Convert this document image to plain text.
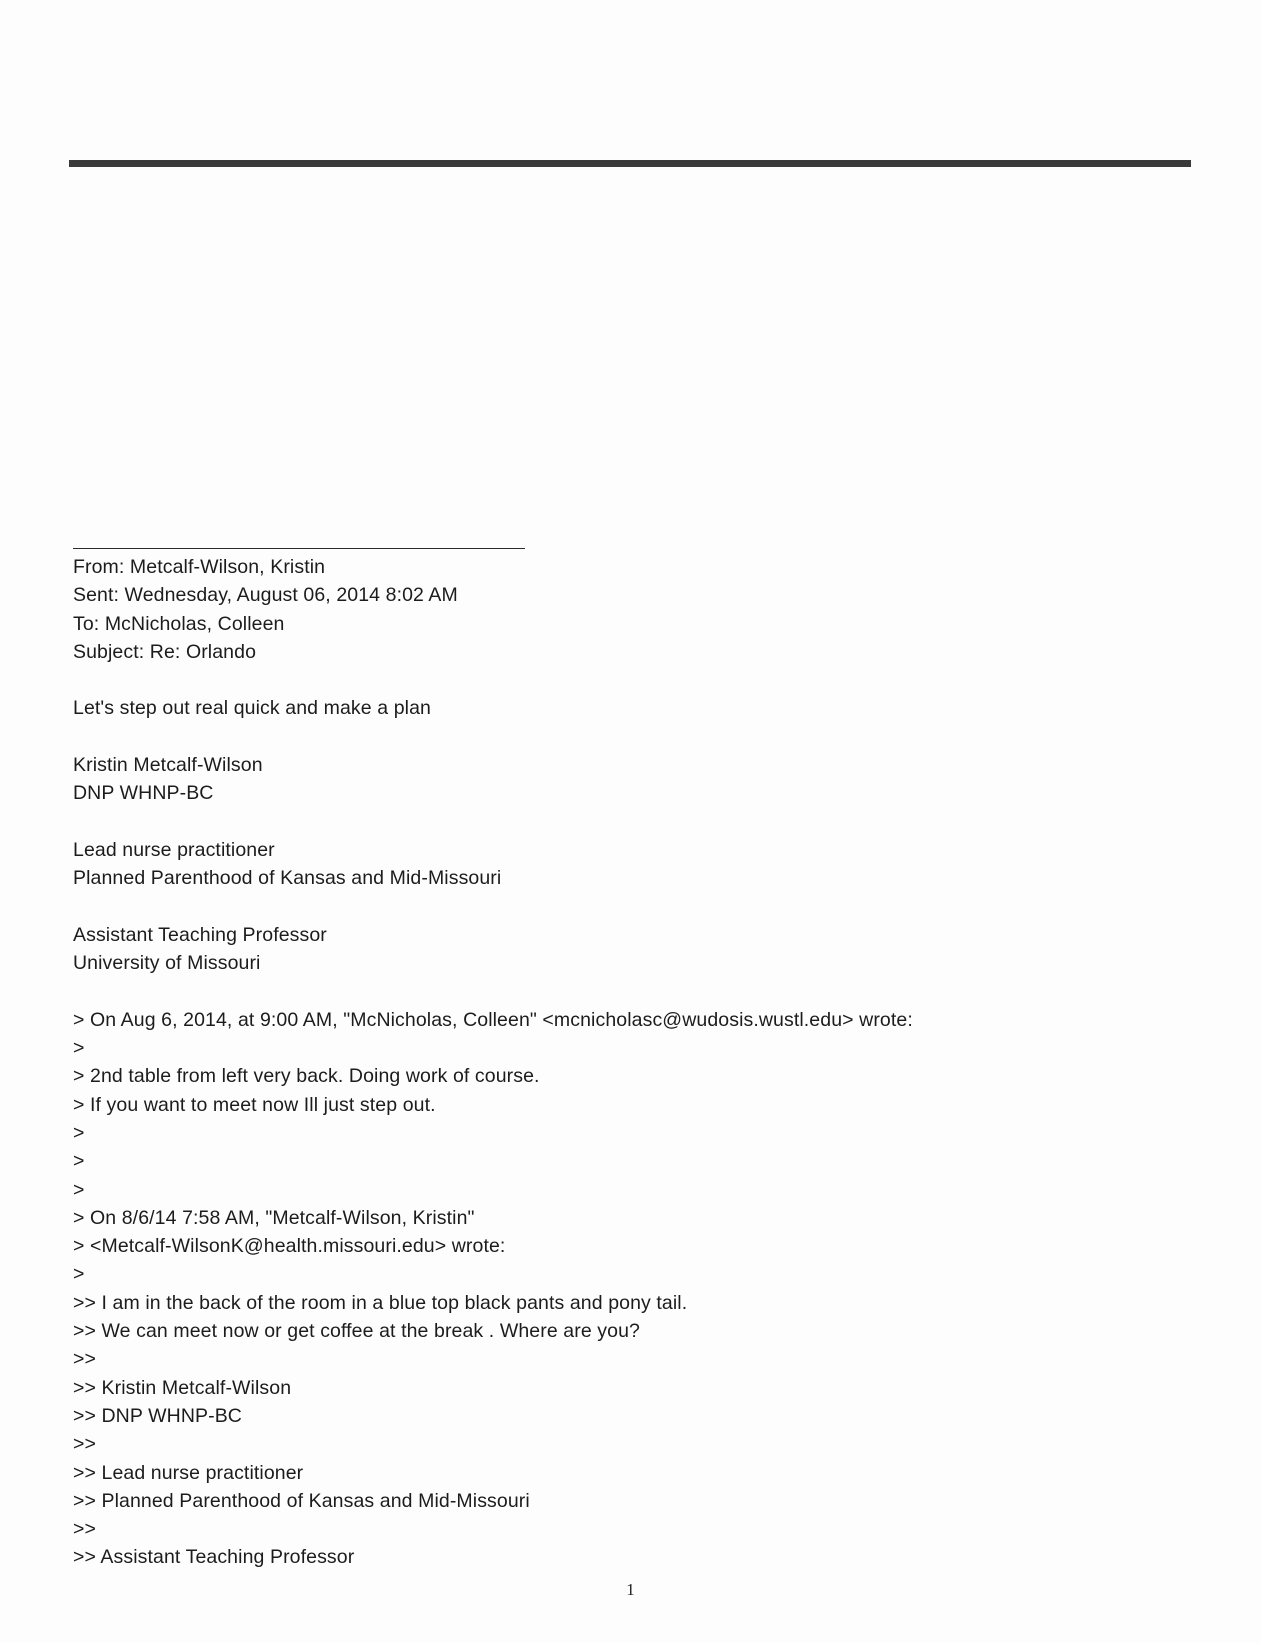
From: Metcalf-Wilson, Kristin
Sent: Wednesday, August 06, 2014 8:02 AM
To: McNicholas, Colleen
Subject: Re: Orlando
Let's step out real quick and make a plan
Kristin Metcalf-Wilson
DNP WHNP-BC
Lead nurse practitioner
Planned Parenthood of Kansas and Mid-Missouri
Assistant Teaching Professor
University of Missouri
> On Aug 6, 2014, at 9:00 AM, "McNicholas, Colleen" <mcnicholasc@wudosis.wustl.edu> wrote:
>
> 2nd table from left very back. Doing work of course.
> If you want to meet now Ill just step out.
>
>
>
> On 8/6/14 7:58 AM, "Metcalf-Wilson, Kristin"
> <Metcalf-WilsonK@health.missouri.edu> wrote:
>
>> I am in the back of the room in a blue top black pants and pony tail.
>> We can meet now or get coffee at the break . Where are you?
>>
>> Kristin Metcalf-Wilson
>> DNP WHNP-BC
>>
>> Lead nurse practitioner
>> Planned Parenthood of Kansas and Mid-Missouri
>>
>> Assistant Teaching Professor
1
